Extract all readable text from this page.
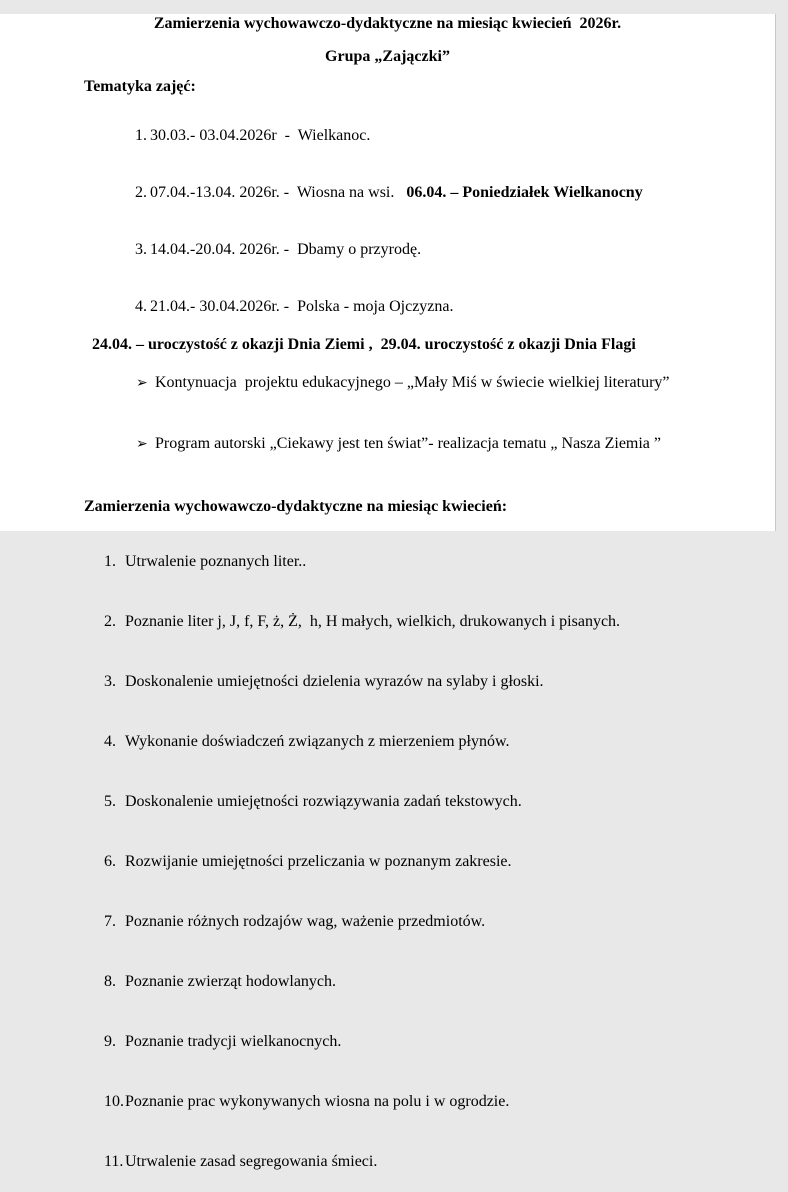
Zamierzenia wychowawczo-dydaktyczne na miesiąc kwiecień  2026r.
Grupa „Zajączki”
Tematyka zajęć:

1. 30.03.- 03.04.2026r  -  Wielkanoc.

2. 07.04.-13.04. 2026r. -  Wiosna na wsi.   06.04. – Poniedziałek Wielkanocny

3. 14.04.-20.04. 2026r. -  Dbamy o przyrodę.

4. 21.04.- 30.04.2026r. -  Polska - moja Ojczyzna.

24.04. – uroczystość z okazji Dnia Ziemi ,  29.04. uroczystość z okazji Dnia Flagi

➢ Kontynuacja  projektu edukacyjnego – „Mały Miś w świecie wielkiej literatury”

➢ Program autorski „Ciekawy jest ten świat”- realizacja tematu „ Nasza Ziemia ”

Zamierzenia wychowawczo-dydaktyczne na miesiąc kwiecień:

1. Utrwalenie poznanych liter..

2. Poznanie liter j, J, f, F, ż, Ż,  h, H małych, wielkich, drukowanych i pisanych.

3. Doskonalenie umiejętności dzielenia wyrazów na sylaby i głoski.

4. Wykonanie doświadczeń związanych z mierzeniem płynów.

5. Doskonalenie umiejętności rozwiązywania zadań tekstowych.

6. Rozwijanie umiejętności przeliczania w poznanym zakresie.

7. Poznanie różnych rodzajów wag, ważenie przedmiotów.

8. Poznanie zwierząt hodowlanych.

9. Poznanie tradycji wielkanocnych.

10.Poznanie prac wykonywanych wiosna na polu i w ogrodzie.

11.Utrwalenie zasad segregowania śmieci.
